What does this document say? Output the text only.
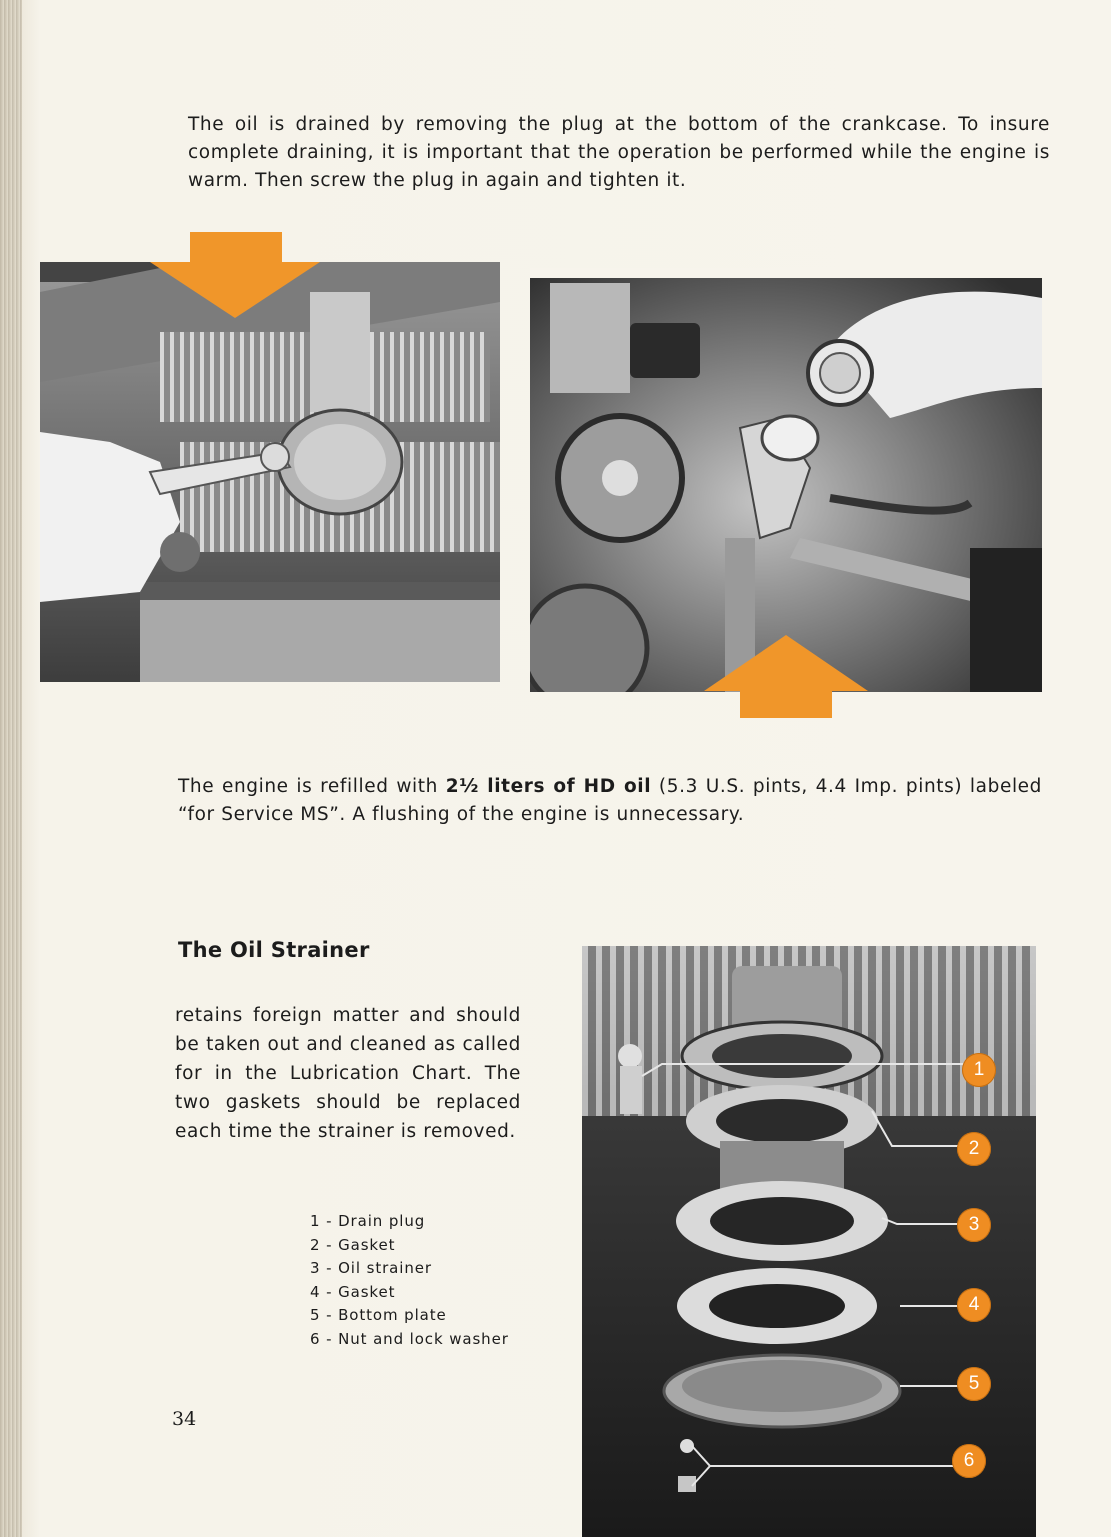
The oil is drained by removing the plug at the bottom of the crankcase. To insure complete draining, it is important that the operation be performed while the engine is warm. Then screw the plug in again and tighten it.

The engine is refilled with 2½ liters of HD oil (5.3 U.S. pints, 4.4 Imp. pints) labeled “for Service MS”. A flushing of the engine is unnecessary.

The Oil Strainer

retains foreign matter and should be taken out and cleaned as called for in the Lubrication Chart. The two gaskets should be replaced each time the strainer is removed.

1 - Drain plug
2 - Gasket
3 - Oil strainer
4 - Gasket
5 - Bottom plate
6 - Nut and lock washer
34
1
2
3
4
5
6
